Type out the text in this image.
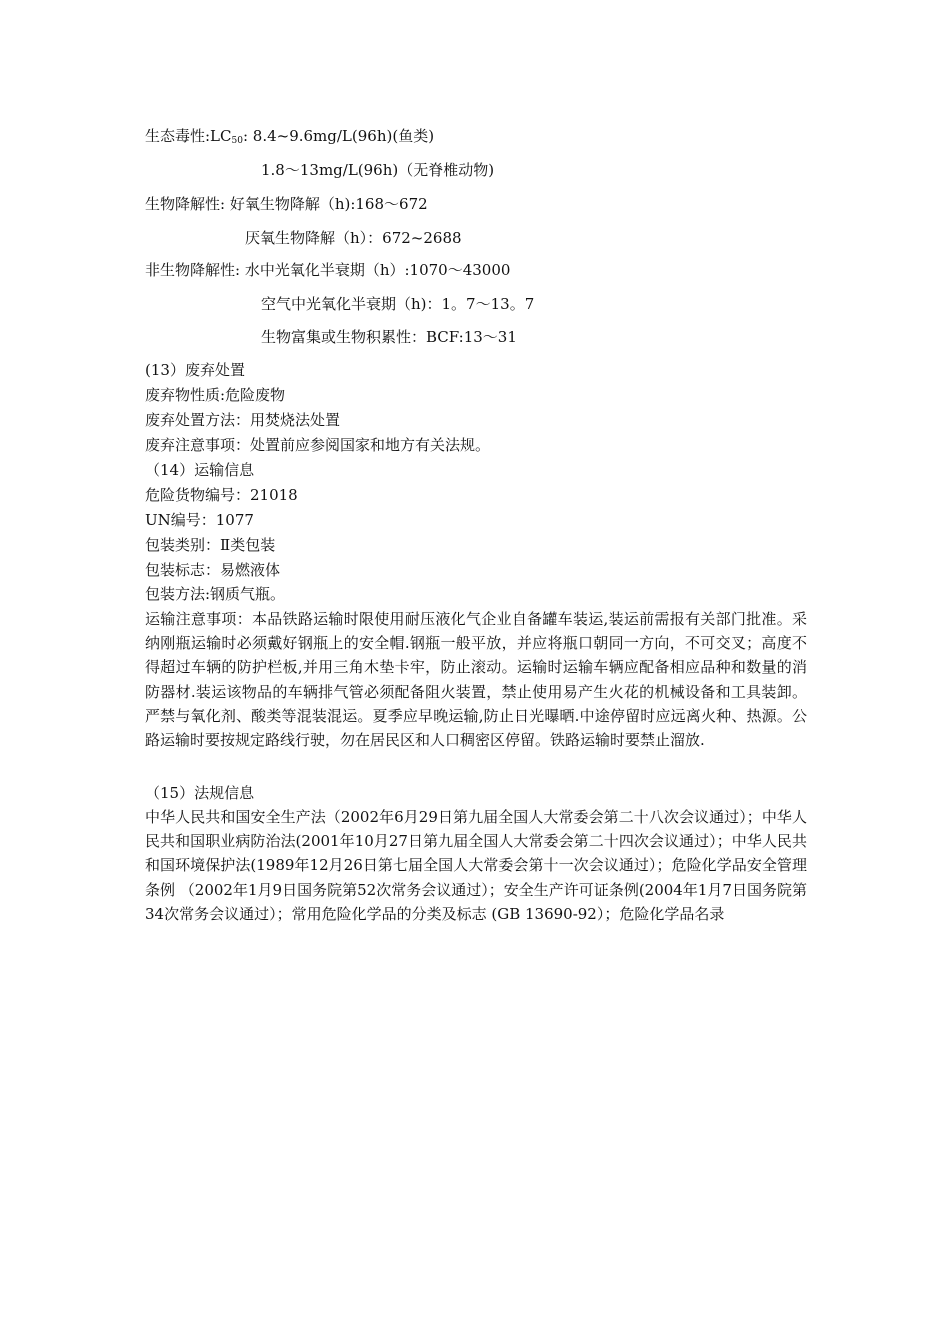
生态毒性$:LC_{50}$: 8.4~9.6mg/L(96h)(鱼类)

1.8～13mg/L(96h)（无脊椎动物)

生物降解性: 好氧生物降解（h):168～672

厌氧生物降解（h）：672~2688

非生物降解性: 水中光氧化半衰期（h）:1070～43000

空气中光氧化半衰期（h)：1。7～13。7

生物富集或生物积累性：BCF:13～31

(13）废弃处置

废弃物性质:危险废物

废弃处置方法：用焚烧法处置

废弃注意事项：处置前应参阅国家和地方有关法规。

（14）运输信息

危险货物编号：21018

UN编号：1077

包装类别：Ⅱ类包装

包装标志：易燃液体

包装方法:钢质气瓶。

运输注意事项：本品铁路运输时限使用耐压液化气企业自备罐车装运,装运前需报有关部门批准。采纳刚瓶运输时必须戴好钢瓶上的安全帽.钢瓶一般平放，并应将瓶口朝同一方向，不可交叉；高度不得超过车辆的防护栏板,并用三角木垫卡牢，防止滚动。运输时运输车辆应配备相应品种和数量的消防器材.装运该物品的车辆排气管必须配备阻火装置，禁止使用易产生火花的机械设备和工具装卸。严禁与氧化剂、酸类等混装混运。夏季应早晚运输,防止日光曝晒.中途停留时应远离火种、热源。公路运输时要按规定路线行驶，勿在居民区和人口稠密区停留。铁路运输时要禁止溜放.

（15）法规信息

中华人民共和国安全生产法（2002年6月29日第九届全国人大常委会第二十八次会议通过）；中华人民共和国职业病防治法(2001年10月27日第九届全国人大常委会第二十四次会议通过）；中华人民共和国环境保护法(1989年12月26日第七届全国人大常委会第十一次会议通过）；危险化学品安全管理条例 （2002年1月9日国务院第52次常务会议通过）；安全生产许可证条例(2004年1月7日国务院第34次常务会议通过）；常用危险化学品的分类及标志 (GB 13690-92）；危险化学品名录
